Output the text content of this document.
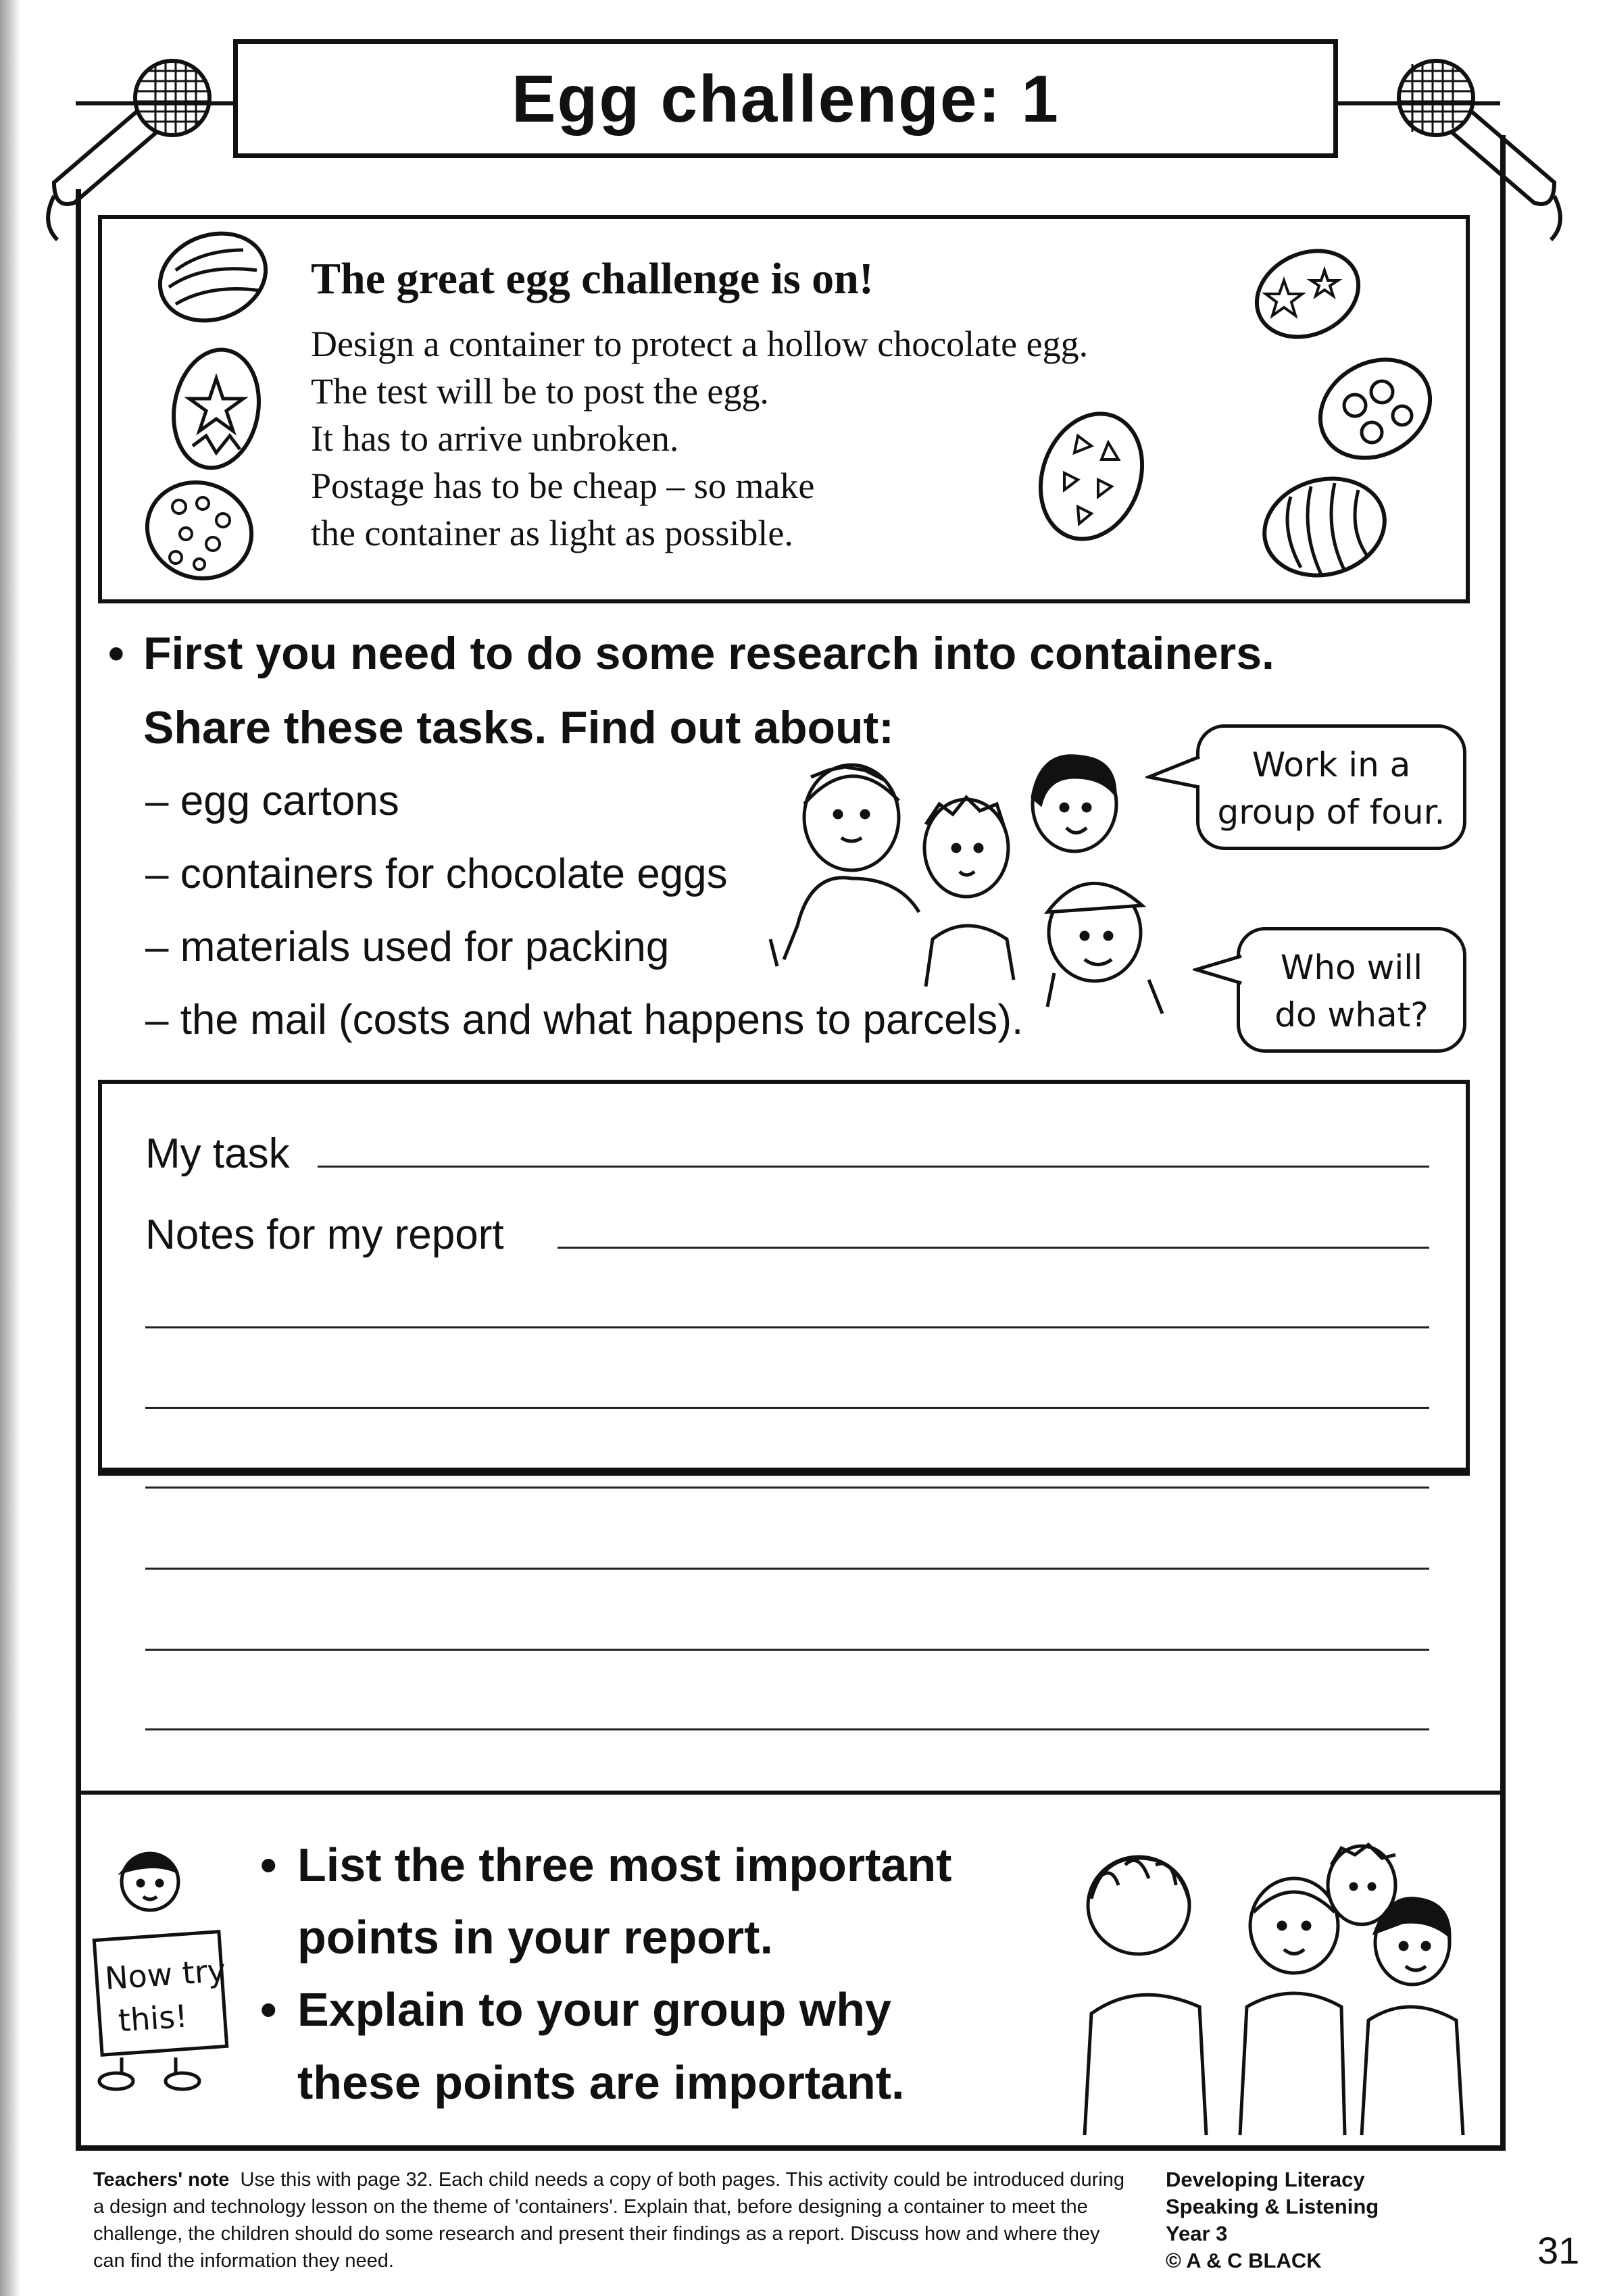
Egg challenge: 1
The great egg challenge is on!
Design a container to protect a hollow chocolate egg.
The test will be to post the egg.
It has to arrive unbroken.
Postage has to be cheap – so make
the container as light as possible.
• First you need to do some research into containers.
Share these tasks. Find out about:
– egg cartons
– containers for chocolate eggs
– materials used for packing
– the mail (costs and what happens to parcels).
Work in a
group of four.
Who will
do what?
My task
Notes for my report
Now try
this!
• List the three most important
points in your report.
• Explain to your group why
these points are important.
Teachers' note Use this with page 32. Each child needs a copy of both pages. This activity could be introduced during a design and technology lesson on the theme of 'containers'. Explain that, before designing a container to meet the challenge, the children should do some research and present their findings as a report. Discuss how and where they can find the information they need.
Developing Literacy
Speaking & Listening
Year 3
© A & C BLACK	31
